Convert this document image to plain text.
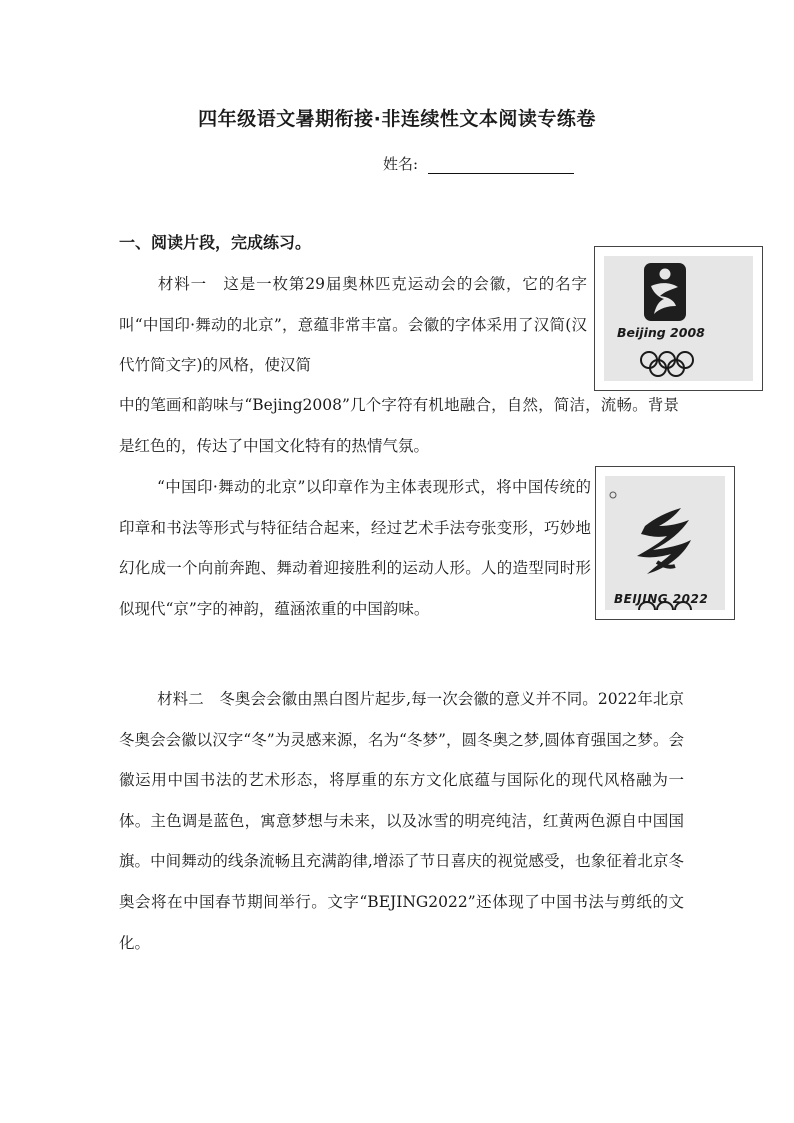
四年级语文暑期衔接·非连续性文本阅读专练卷
姓名:
一、阅读片段，完成练习。

材料一　这是一枚第29届奥林匹克运动会的会徽，它的名字叫“中国印·舞动的北京”，意蕴非常丰富。会徽的字体采用了汉简(汉代竹简文字)的风格，使汉简

中的笔画和韵味与“Bejing2008”几个字符有机地融合，自然，简洁，流畅。背景是红色的，传达了中国文化特有的热情气氛。

“中国印·舞动的北京”以印章作为主体表现形式，将中国传统的印章和书法等形式与特征结合起来，经过艺术手法夸张变形，巧妙地幻化成一个向前奔跑、舞动着迎接胜利的运动人形。人的造型同时形似现代“京”字的神韵，蕴涵浓重的中国韵味。

材料二　冬奥会会徽由黑白图片起步,每一次会徽的意义并不同。2022年北京冬奥会会徽以汉字“冬”为灵感来源，名为“冬梦”，圆冬奥之梦,圆体育强国之梦。会徽运用中国书法的艺术形态，将厚重的东方文化底蕴与国际化的现代风格融为一体。主色调是蓝色，寓意梦想与未来，以及冰雪的明亮纯洁，红黄两色源自中国国旗。中间舞动的线条流畅且充满韵律,增添了节日喜庆的视觉感受，也象征着北京冬奥会将在中国春节期间举行。文字“BEJING2022”还体现了中国书法与剪纸的文化。

Beijing 2008
BEIJING 2022
